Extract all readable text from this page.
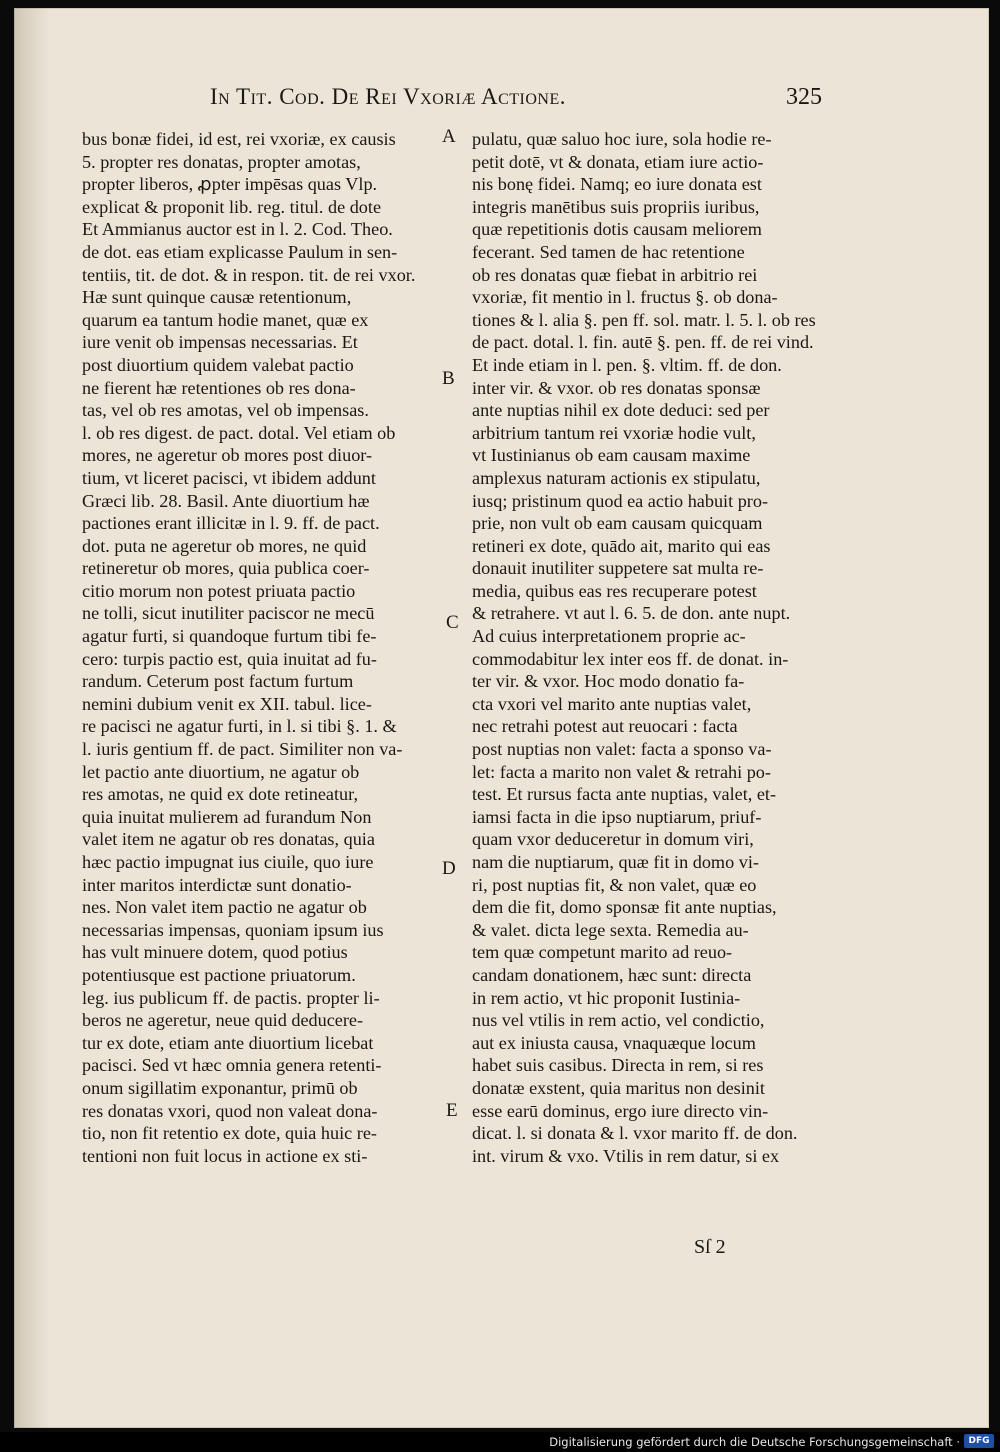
In Tit. Cod. De Rei Vxoriæ Actione.	325
bus bonæ fidei, id est, rei vxoriæ, ex causis
5. propter res donatas, propter amotas,
propter liberos, ꝓpter impēsas quas Vlp.
explicat & proponit lib. reg. titul. de dote
Et Ammianus auctor est in l. 2. Cod. Theo.
de dot. eas etiam explicasse Paulum in sen-
tentiis, tit. de dot. & in respon. tit. de rei vxor.
Hæ sunt quinque causæ retentionum,
quarum ea tantum hodie manet, quæ ex
iure venit ob impensas necessarias. Et
post diuortium quidem valebat pactio
ne fierent hæ retentiones ob res dona-
tas, vel ob res amotas, vel ob impensas.
l. ob res digest. de pact. dotal. Vel etiam ob
mores, ne ageretur ob mores post diuor-
tium, vt liceret pacisci, vt ibidem addunt
Græci lib. 28. Basil. Ante diuortium hæ
pactiones erant illicitæ in l. 9. ff. de pact.
dot. puta ne ageretur ob mores, ne quid
retineretur ob mores, quia publica coer-
citio morum non potest priuata pactio
ne tolli, sicut inutiliter paciscor ne mecū
agatur furti, si quandoque furtum tibi fe-
cero: turpis pactio est, quia inuitat ad fu-
randum. Ceterum post factum furtum
nemini dubium venit ex XII. tabul. lice-
re pacisci ne agatur furti, in l. si tibi §. 1. &
l. iuris gentium ff. de pact. Similiter non va-
let pactio ante diuortium, ne agatur ob
res amotas, ne quid ex dote retineatur,
quia inuitat mulierem ad furandum Non
valet item ne agatur ob res donatas, quia
hæc pactio impugnat ius ciuile, quo iure
inter maritos interdictæ sunt donatio-
nes. Non valet item pactio ne agatur ob
necessarias impensas, quoniam ipsum ius
has vult minuere dotem, quod potius
potentiusque est pactione priuatorum.
leg. ius publicum ff. de pactis. propter li-
beros ne ageretur, neue quid deducere-
tur ex dote, etiam ante diuortium licebat
pacisci. Sed vt hæc omnia genera retenti-
onum sigillatim exponantur, primū ob
res donatas vxori, quod non valeat dona-
tio, non fit retentio ex dote, quia huic re-
tentioni non fuit locus in actione ex sti-
pulatu, quæ saluo hoc iure, sola hodie re-
petit dotē, vt & donata, etiam iure actio-
nis bonę fidei. Namq; eo iure donata est
integris manētibus suis propriis iuribus,
quæ repetitionis dotis causam meliorem
fecerant. Sed tamen de hac retentione
ob res donatas quæ fiebat in arbitrio rei
vxoriæ, fit mentio in l. fructus §. ob dona-
tiones & l. alia §. pen ff. sol. matr. l. 5. l. ob res
de pact. dotal. l. fin. autē §. pen. ff. de rei vind.
Et inde etiam in l. pen. §. vltim. ff. de don.
inter vir. & vxor. ob res donatas sponsæ
ante nuptias nihil ex dote deduci: sed per
arbitrium tantum rei vxoriæ hodie vult,
vt Iustinianus ob eam causam maxime
amplexus naturam actionis ex stipulatu,
iusq; pristinum quod ea actio habuit pro-
prie, non vult ob eam causam quicquam
retineri ex dote, quādo ait, marito qui eas
donauit inutiliter suppetere sat multa re-
media, quibus eas res recuperare potest
& retrahere. vt aut l. 6. 5. de don. ante nupt.
Ad cuius interpretationem proprie ac-
commodabitur lex inter eos ff. de donat. in-
ter vir. & vxor. Hoc modo donatio fa-
cta vxori vel marito ante nuptias valet,
nec retrahi potest aut reuocari : facta
post nuptias non valet: facta a sponso va-
let: facta a marito non valet & retrahi po-
test. Et rursus facta ante nuptias, valet, et-
iamsi facta in die ipso nuptiarum, priuf-
quam vxor deduceretur in domum viri,
nam die nuptiarum, quæ fit in domo vi-
ri, post nuptias fit, & non valet, quæ eo
dem die fit, domo sponsæ fit ante nuptias,
& valet. dicta lege sexta. Remedia au-
tem quæ competunt marito ad reuo-
candam donationem, hæc sunt: directa
in rem actio, vt hic proponit Iustinia-
nus vel vtilis in rem actio, vel condictio,
aut ex iniusta causa, vnaquæque locum
habet suis casibus. Directa in rem, si res
donatæ exstent, quia maritus non desinit
esse earū dominus, ergo iure directo vin-
dicat. l. si donata & l. vxor marito ff. de don.
int. virum & vxo. Vtilis in rem datur, si ex
A
B
C
D
E
Sſ 2
Digitalisierung gefördert durch die Deutsche Forschungsgemeinschaft · DFG
